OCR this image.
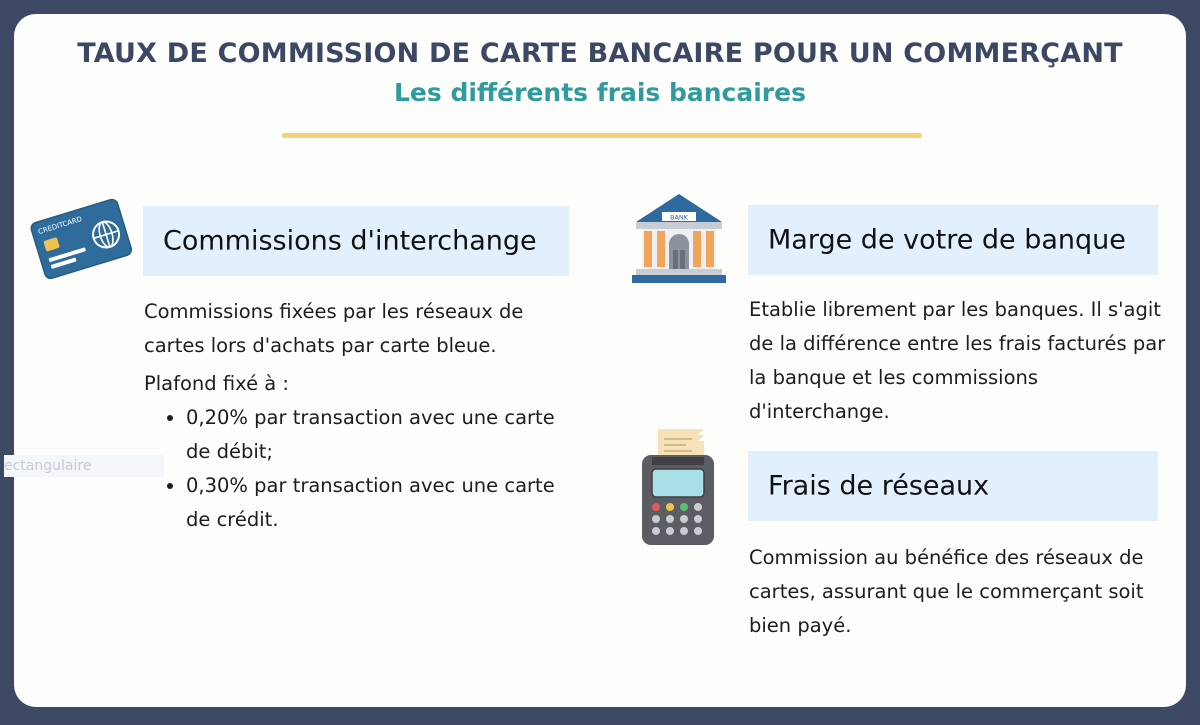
TAUX DE COMMISSION DE CARTE BANCAIRE POUR UN COMMERÇANT
Les différents frais bancaires
CREDITCARD	Commissions d'interchange
Commissions fixées par les réseaux de cartes lors d'achats par carte bleue.
Plafond fixé à :
• 0,20% par transaction avec une carte de débit;
• 0,30% par transaction avec une carte de crédit.
ectangulaire
BANK
Marge de votre de banque
Etablie librement par les banques. Il s'agit de la différence entre les frais facturés par la banque et les commissions d'interchange.
Frais de réseaux
Commission au bénéfice des réseaux de cartes, assurant que le commerçant soit bien payé.
